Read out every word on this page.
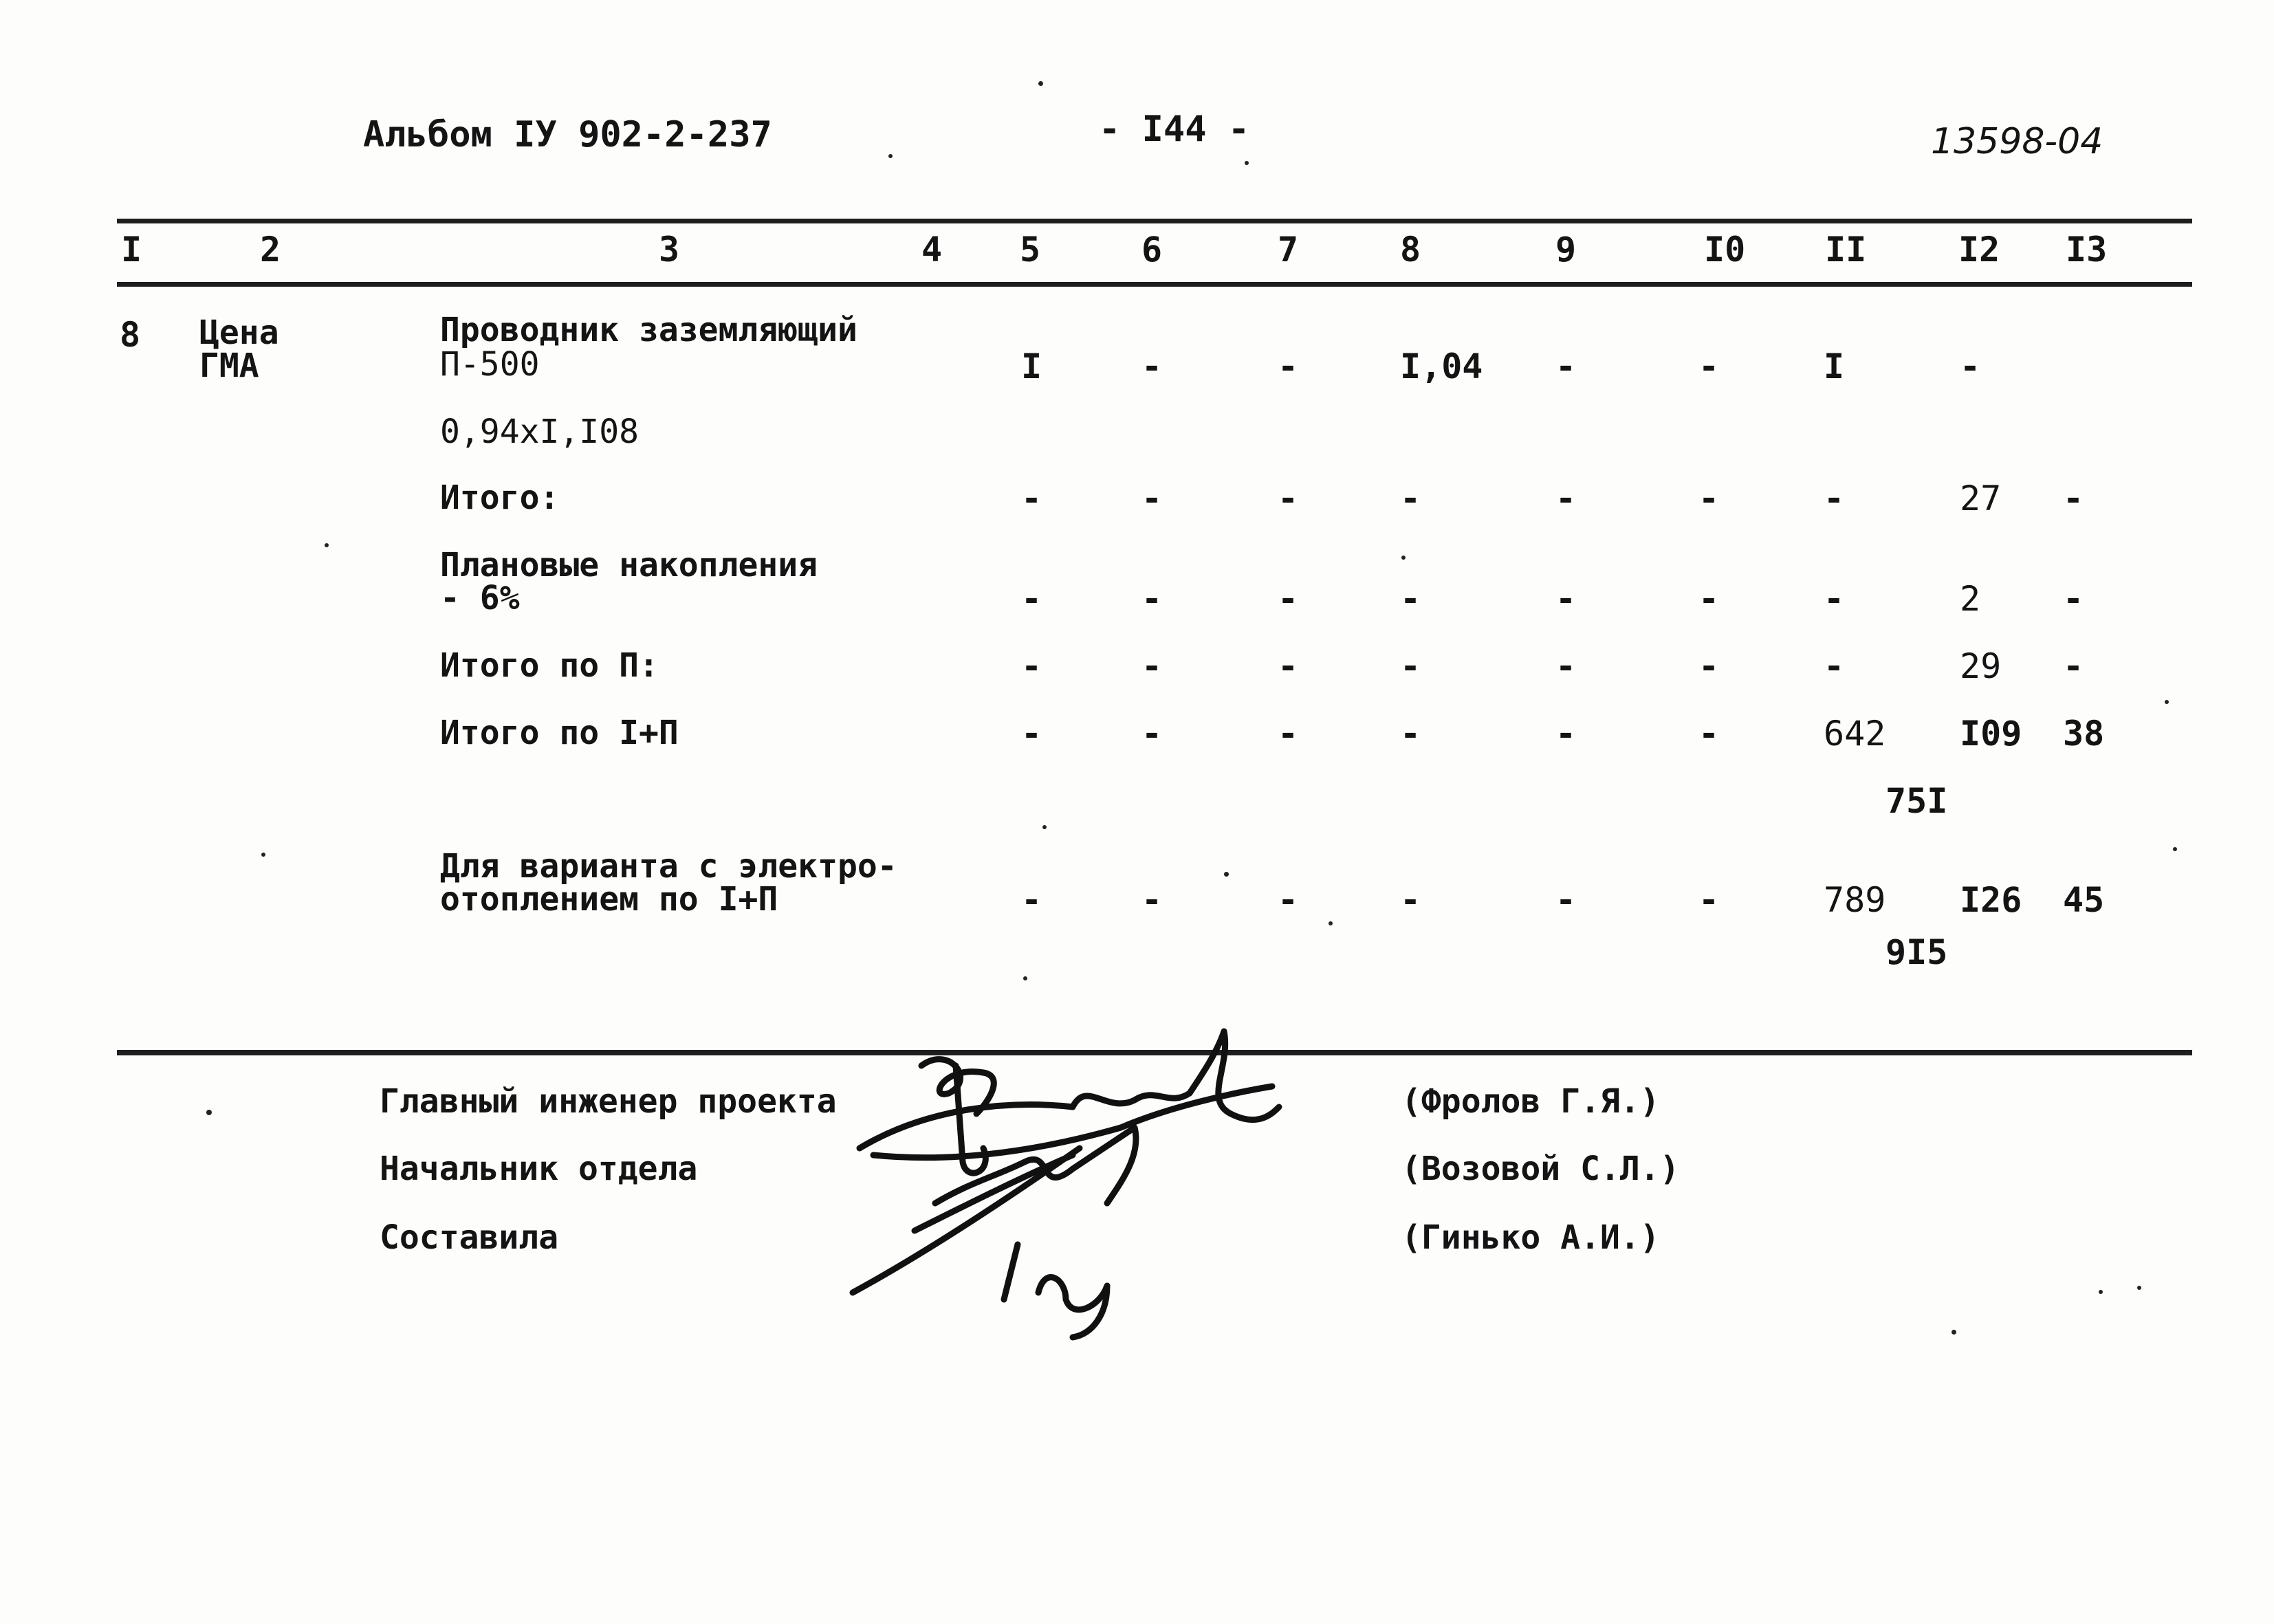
Альбом IУ 902-2-237	- I44 -	13598-04
I	2	3	4 5	6	7	8	9	I0 II	I2 I3
8 Цена
ГМА
Проводник заземляющий
П-500	I	-	-	I,04 -	-	I	-
0,94xI,I08
Итого:	-	-	-	-	-	-	-	27 -
Плановые накопления
- 6%	-	-	-	-	-	-	-	2 -
Итого по П:	-	-	-	-	-	-	-	29 -
Итого по I+П	-	-	-	-	-	-	642 I09 38
75I
Для варианта с электро-
отоплением по I+П	-	-	-	-	-	-	789 I26 45
9I5
Главный инженер проекта	(Фролов Г.Я.)
Начальник отдела	(Возовой С.Л.)
Составила	(Гинько А.И.)
